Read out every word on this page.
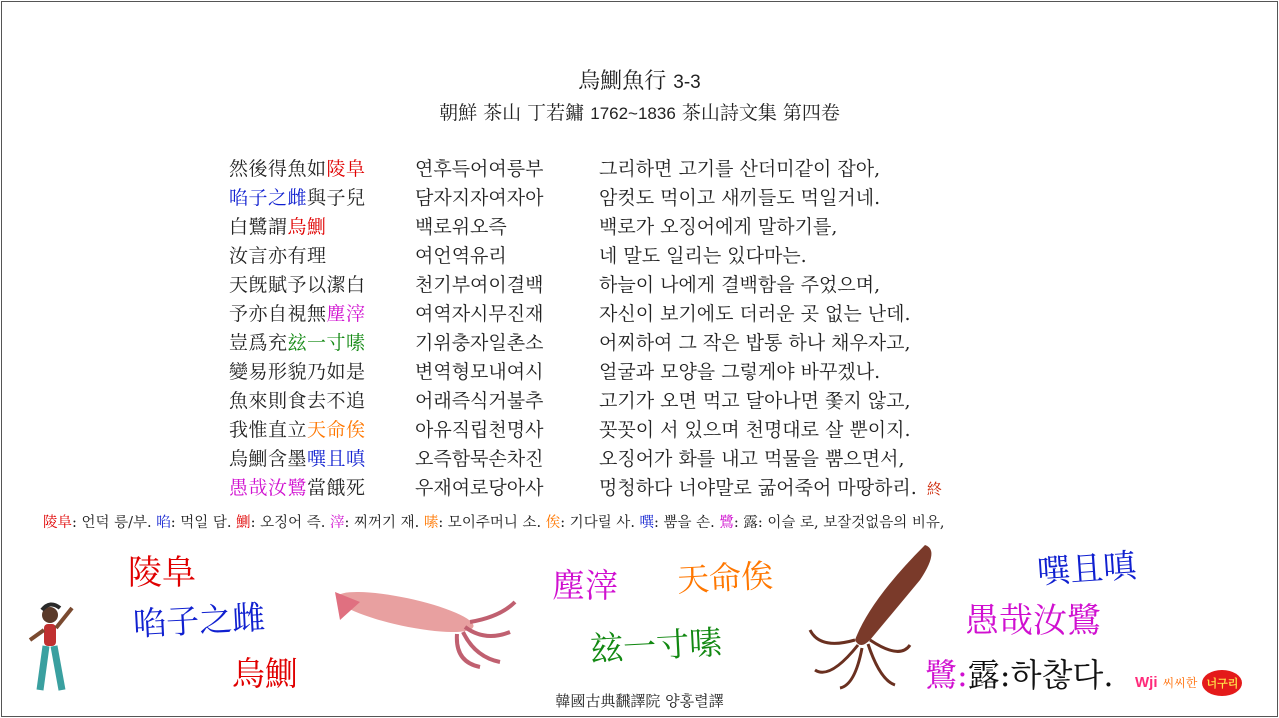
烏鰂魚行 3-3
朝鮮 茶山 丁若鏞 1762~1836 茶山詩文集 第四卷
然後得魚如陵阜	연후득어여릉부	그리하면 고기를 산더미같이 잡아,
啗子之雌與子兒	담자지자여자아	암컷도 먹이고 새끼들도 먹일거네.
白鷺謂烏鰂	백로위오즉	백로가 오징어에게 말하기를,
汝言亦有理	여언역유리	네 말도 일리는 있다마는.
天旣賦予以潔白	천기부여이결백	하늘이 나에게 결백함을 주었으며,
予亦自視無塵滓	여역자시무진재	자신이 보기에도 더러운 곳 없는 난데.
豈爲充玆一寸嗉	기위충자일촌소	어찌하여 그 작은 밥통 하나 채우자고,
變易形貌乃如是	변역형모내여시	얼굴과 모양을 그렇게야 바꾸겠나.
魚來則食去不追	어래즉식거불추	고기가 오면 먹고 달아나면 쫓지 않고,
我惟直立天命俟	아유직립천명사	꼿꼿이 서 있으며 천명대로 살 뿐이지.
烏鰂含墨噀且嗔	오즉함묵손차진	오징어가 화를 내고 먹물을 뿜으면서,
愚哉汝鷺當餓死	우재여로당아사	멍청하다 너야말로 굶어죽어 마땅하리. 終
陵阜: 언덕 릉/부. 啗: 먹일 담. 鰂: 오징어 즉. 滓: 찌꺼기 재. 嗉: 모이주머니 소. 俟: 기다릴 사. 噀: 뿜을 손. 鷺: 露: 이슬 로, 보잘것없음의 비유,
陵阜
啗子之雌
烏鰂
塵滓 天命俟
玆一寸嗉
噀且嗔
愚哉汝鷺
鷺:露:하찮다.
韓國古典飜譯院 양홍렬譯
Wji 씨씨한 너구리
